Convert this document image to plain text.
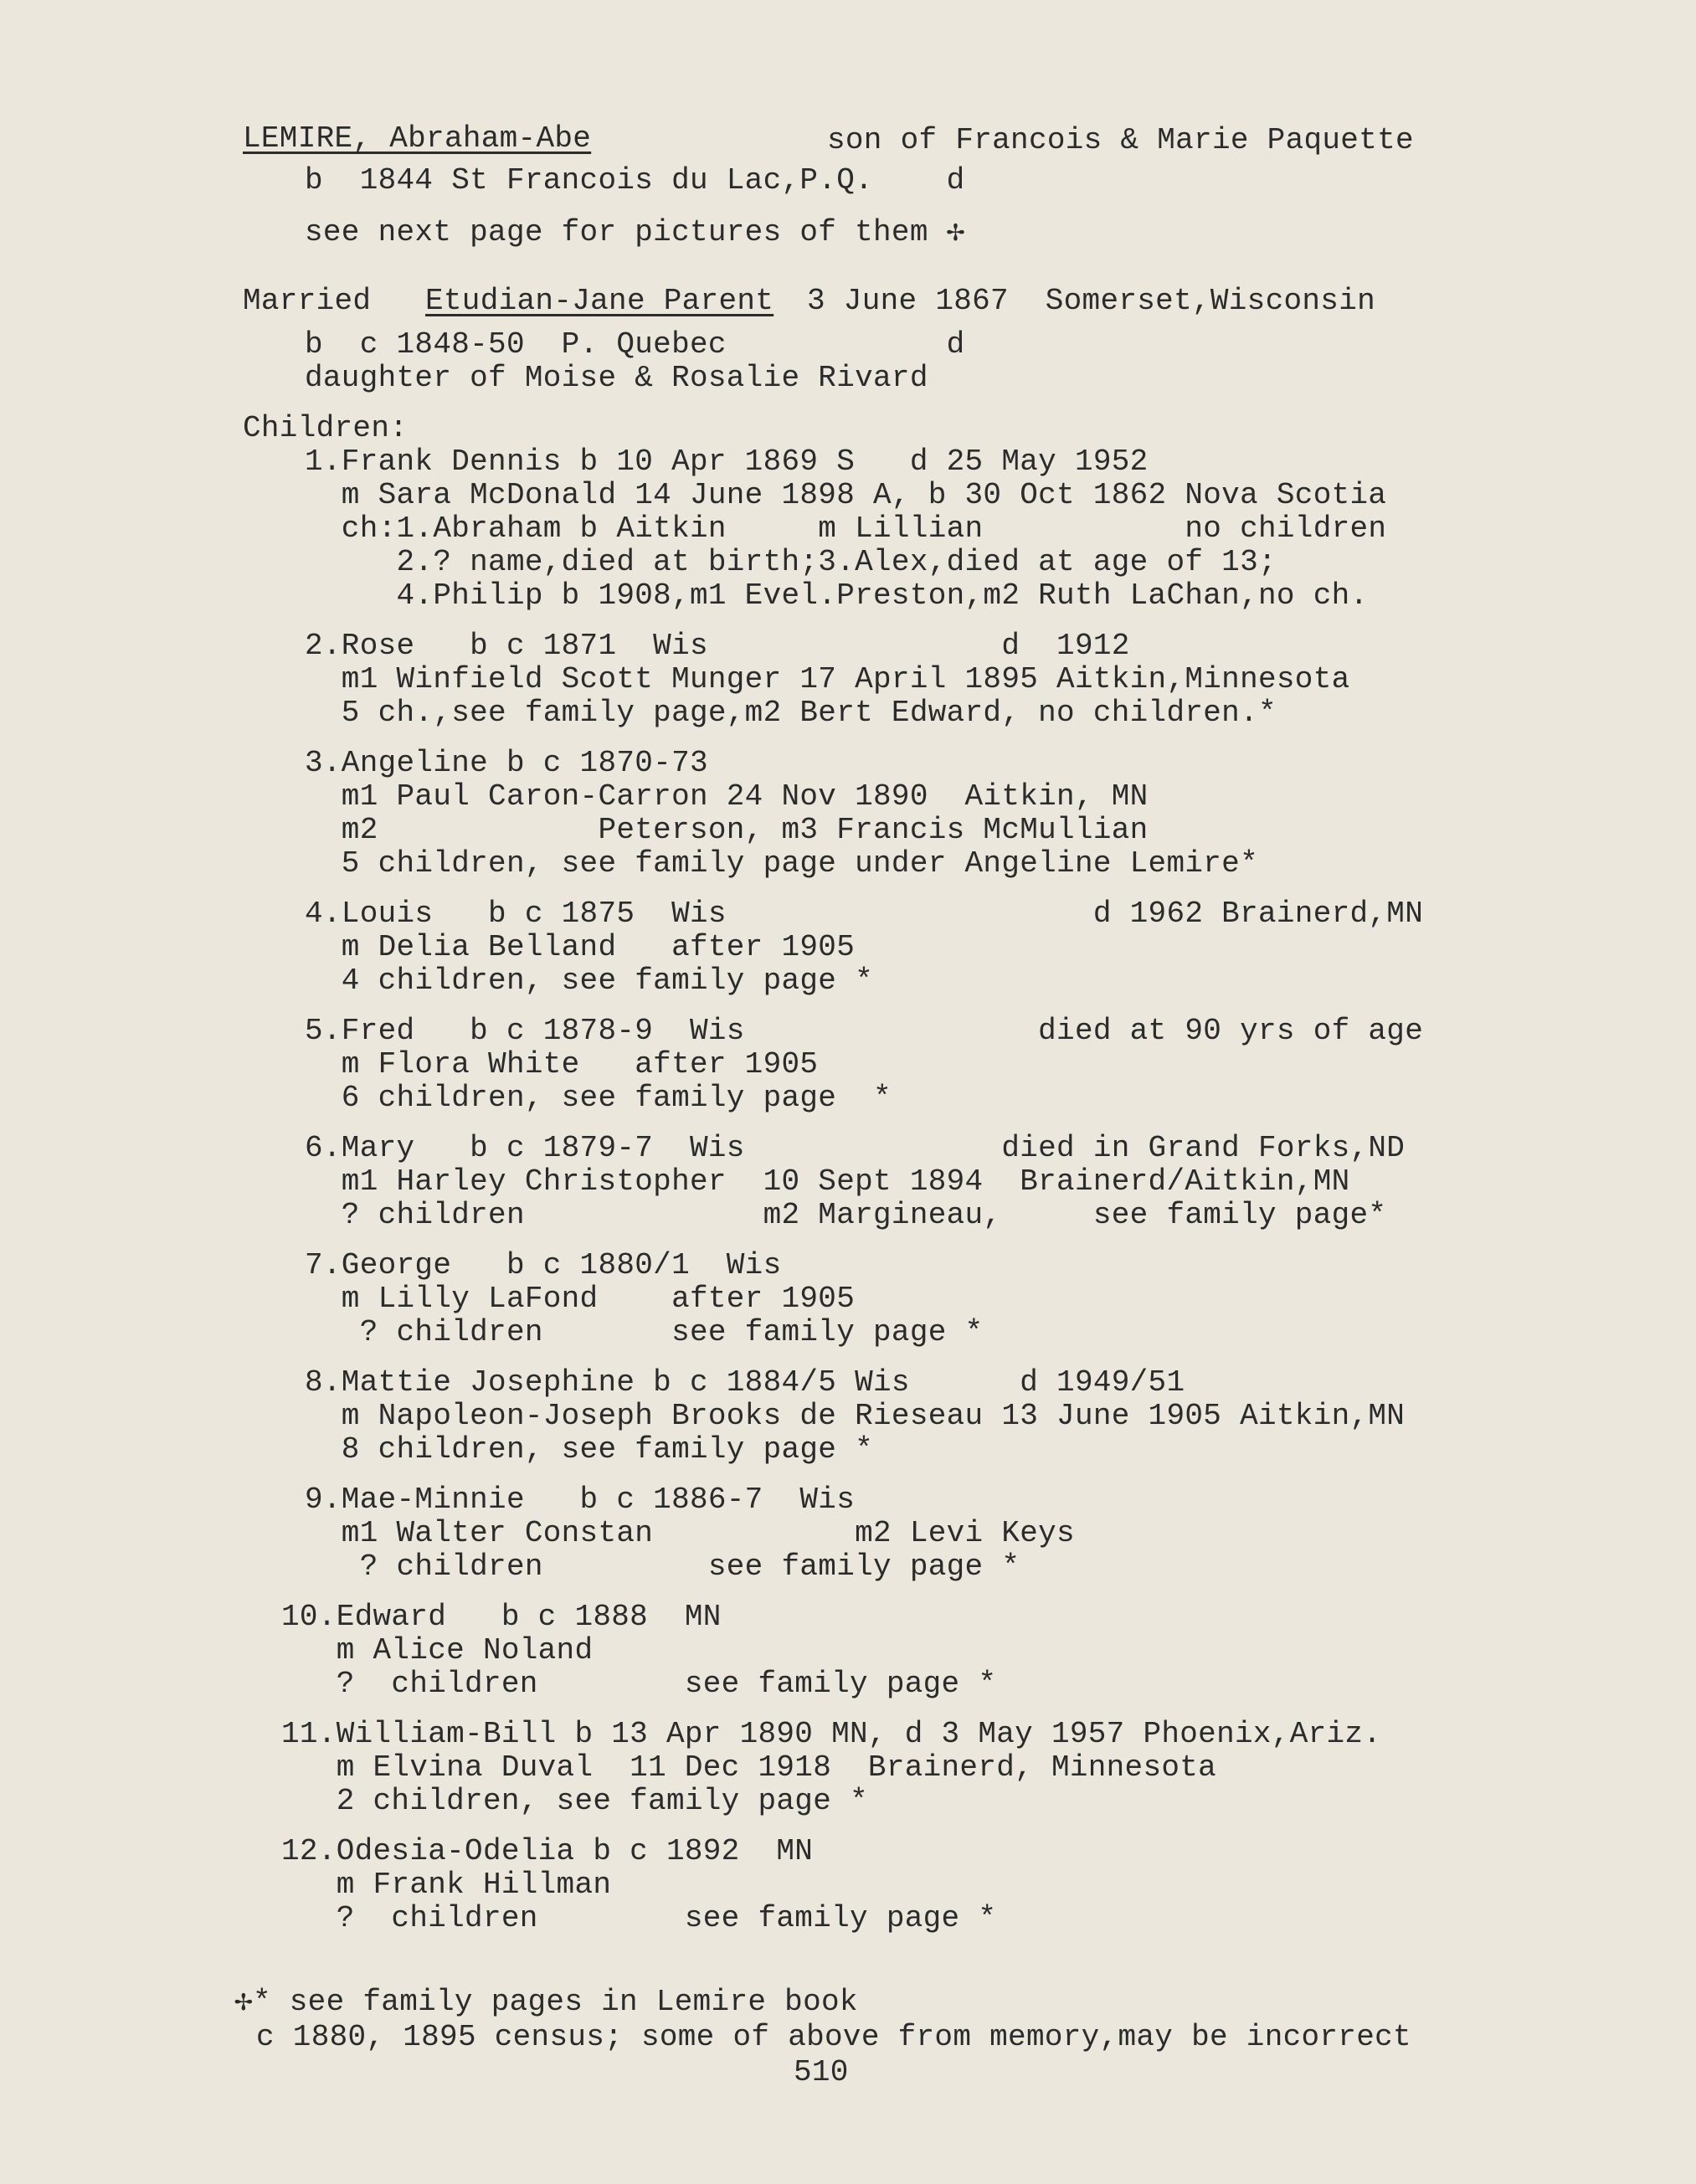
LEMIRE, Abraham-Abe	son of Francois & Marie Paquette
b  1844 St Francois du Lac,P.Q.    d
see next page for pictures of them ✢
Married Etudian-Jane Parent 3 June 1867  Somerset,Wisconsin
b  c 1848-50  P. Quebec            d
daughter of Moise & Rosalie Rivard
Children:
1.Frank Dennis b 10 Apr 1869 S   d 25 May 1952
m Sara McDonald 14 June 1898 A, b 30 Oct 1862 Nova Scotia
ch:1.Abraham b Aitkin     m Lillian           no children
2.? name,died at birth;3.Alex,died at age of 13;
4.Philip b 1908,m1 Evel.Preston,m2 Ruth LaChan,no ch.
2.Rose   b c 1871  Wis                d  1912
m1 Winfield Scott Munger 17 April 1895 Aitkin,Minnesota
5 ch.,see family page,m2 Bert Edward, no children.*
3.Angeline b c 1870-73
m1 Paul Caron-Carron 24 Nov 1890  Aitkin, MN
m2            Peterson, m3 Francis McMullian
5 children, see family page under Angeline Lemire*
4.Louis   b c 1875  Wis                    d 1962 Brainerd,MN
m Delia Belland   after 1905
4 children, see family page *
5.Fred   b c 1878-9  Wis                died at 90 yrs of age
m Flora White   after 1905
6 children, see family page  *
6.Mary   b c 1879-7  Wis              died in Grand Forks,ND
m1 Harley Christopher  10 Sept 1894  Brainerd/Aitkin,MN
? children             m2 Margineau,     see family page*
7.George   b c 1880/1  Wis
m Lilly LaFond    after 1905
? children       see family page *
8.Mattie Josephine b c 1884/5 Wis      d 1949/51
m Napoleon-Joseph Brooks de Rieseau 13 June 1905 Aitkin,MN
8 children, see family page *
9.Mae-Minnie   b c 1886-7  Wis
m1 Walter Constan           m2 Levi Keys
? children         see family page *
10.Edward   b c 1888  MN
m Alice Noland
?  children        see family page *
11.William-Bill b 13 Apr 1890 MN, d 3 May 1957 Phoenix,Ariz.
m Elvina Duval  11 Dec 1918  Brainerd, Minnesota
2 children, see family page *
12.Odesia-Odelia b c 1892  MN
m Frank Hillman
?  children        see family page *
✢* see family pages in Lemire book
c 1880, 1895 census; some of above from memory,may be incorrect
510
